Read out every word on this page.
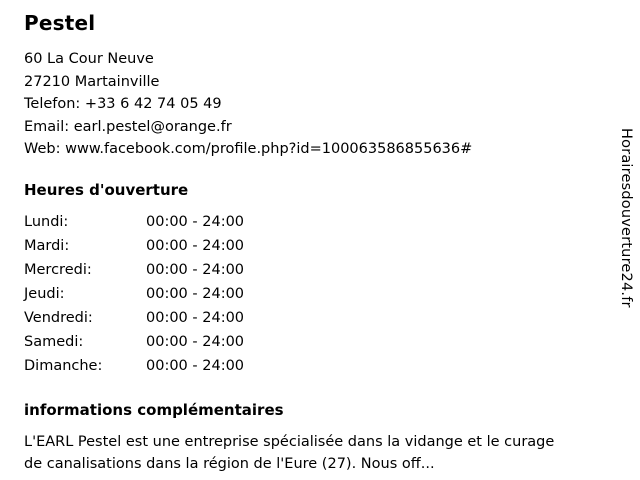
Pestel
60 La Cour Neuve
27210 Martainville
Telefon: +33 6 42 74 05 49
Email: earl.pestel@orange.fr
Web: www.facebook.com/profile.php?id=100063586855636#
Heures d'ouverture
Lundi:	00:00 - 24:00
Mardi:	00:00 - 24:00
Mercredi:	00:00 - 24:00
Jeudi:	00:00 - 24:00
Vendredi:	00:00 - 24:00
Samedi:	00:00 - 24:00
Dimanche:	00:00 - 24:00
informations complémentaires
L'EARL Pestel est une entreprise spécialisée dans la vidange et le curage de canalisations dans la région de l'Eure (27). Nous off...
Horairesdouverture24.fr
